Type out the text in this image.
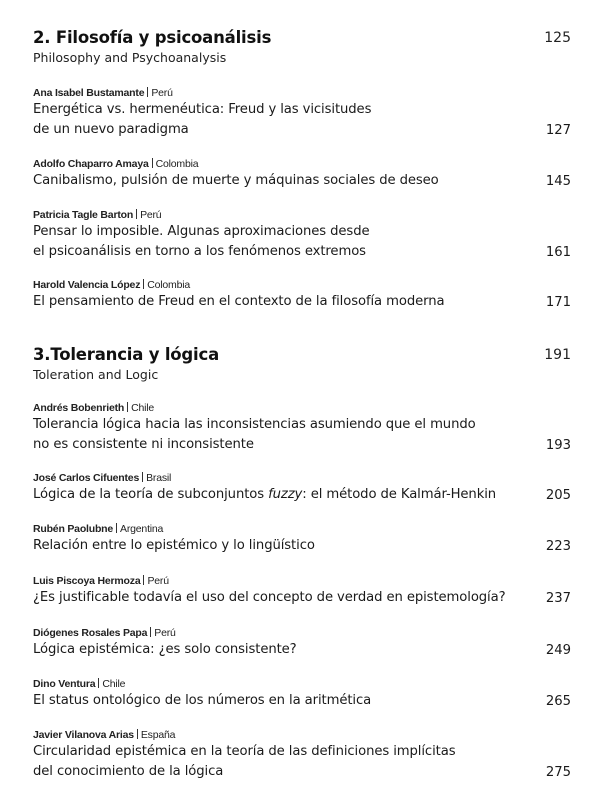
2. Filosofía y psicoanálisis	125
Philosophy and Psychoanalysis
Ana Isabel Bustamante Perú
Energética vs. hermenéutica: Freud y las vicisitudes
de un nuevo paradigma	127
Adolfo Chaparro Amaya Colombia
Canibalismo, pulsión de muerte y máquinas sociales de deseo	145
Patricia Tagle Barton Perú
Pensar lo imposible. Algunas aproximaciones desde
el psicoanálisis en torno a los fenómenos extremos	161
Harold Valencia López Colombia
El pensamiento de Freud en el contexto de la filosofía moderna	171
3.Tolerancia y lógica	191
Toleration and Logic
Andrés Bobenrieth Chile
Tolerancia lógica hacia las inconsistencias asumiendo que el mundo
no es consistente ni inconsistente	193
José Carlos Cifuentes Brasil
Lógica de la teoría de subconjuntos fuzzy: el método de Kalmár-Henkin	205
Rubén Paolubne Argentina
Relación entre lo epistémico y lo lingüístico	223
Luis Piscoya Hermoza Perú
¿Es justificable todavía el uso del concepto de verdad en epistemología?	237
Diógenes Rosales Papa Perú
Lógica epistémica: ¿es solo consistente?	249
Dino Ventura Chile
El status ontológico de los números en la aritmética	265
Javier Vilanova Arias España
Circularidad epistémica en la teoría de las definiciones implícitas
del conocimiento de la lógica	275
